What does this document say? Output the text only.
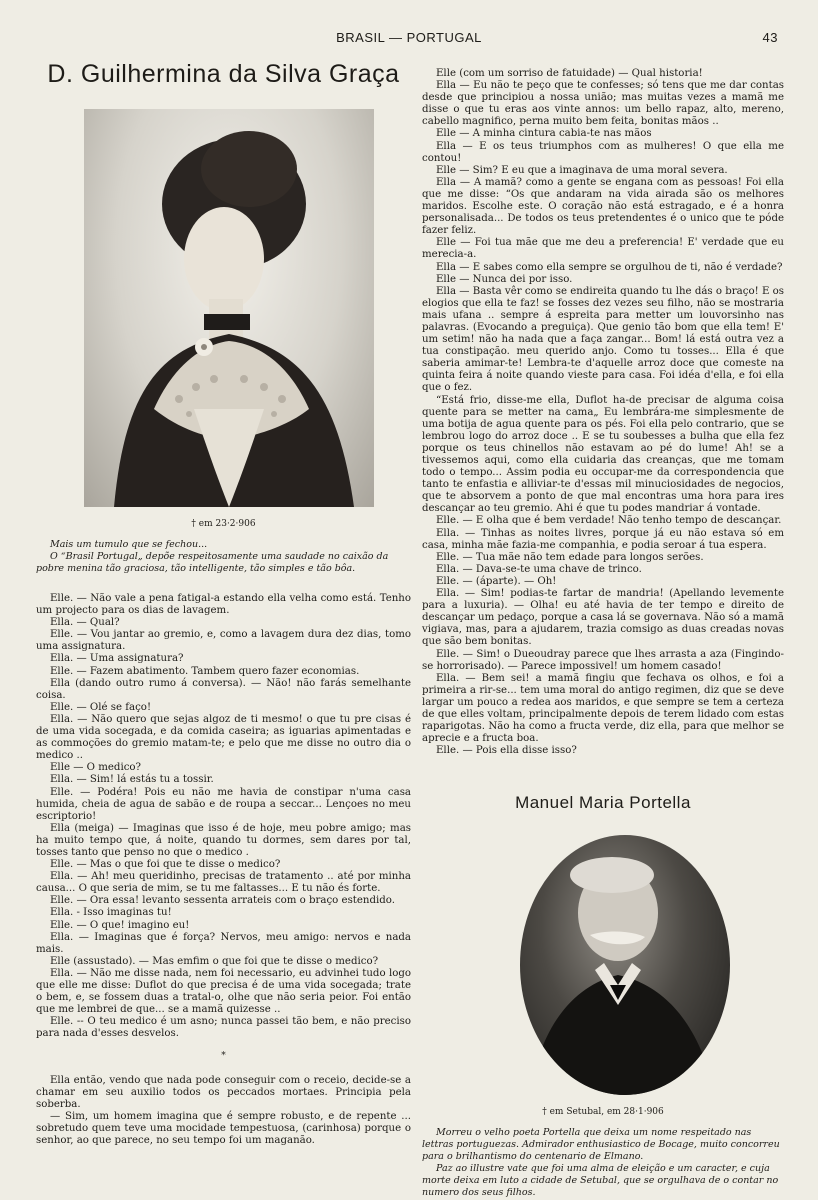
BRASIL — PORTUGAL	43
D. Guilhermina da Silva Graça
† em 23·2·906

Mais um tumulo que se fechou...

O “Brasil Portugal„ depõe respeitosamente uma saudade no caixão da pobre menina tão graciosa, tão intelligente, tão simples e tão bôa.

Elle. — Não vale a pena fatigal-a estando ella velha como está. Tenho um projecto para os dias de lavagem.

Ella. — Qual?

Elle. — Vou jantar ao gremio, e, como a lavagem dura dez dias, tomo uma assignatura.

Ella. — Uma assignatura?

Elle. — Fazem abatimento. Tambem quero fazer economias.

Ella (dando outro rumo á conversa). — Não! não farás semelhante coisa.

Elle. — Olé se faço!

Ella. — Não quero que sejas algoz de ti mesmo! o que tu pre cisas é de uma vida socegada, e da comida caseira; as iguarias apimentadas e as commoções do gremio matam-te; e pelo que me disse no outro dia o medico ..

Elle — O medico?

Ella. — Sim! lá estás tu a tossir.

Elle. — Podéra! Pois eu não me havia de constipar n'uma casa humida, cheia de agua de sabão e de roupa a seccar... Lençoes no meu escriptorio!

Ella (meiga) — Imaginas que isso é de hoje, meu pobre amigo; mas ha muito tempo que, á noite, quando tu dormes, sem dares por tal, tosses tanto que penso no que o medico .

Elle. — Mas o que foi que te disse o medico?

Ella. — Ah! meu queridinho, precisas de tratamento .. até por minha causa... O que seria de mim, se tu me faltasses... E tu não és forte.

Elle. — Ora essa! levanto sessenta arrateis com o braço estendido.

Ella. - Isso imaginas tu!

Elle. — O que! imagino eu!

Ella. — Imaginas que é força? Nervos, meu amigo: nervos e nada mais.

Elle (assustado). — Mas emfim o que foi que te disse o medico?

Ella. — Não me disse nada, nem foi necessario, eu advinhei tudo logo que elle me disse: Duflot do que precisa é de uma vida socegada; trate o bem, e, se fossem duas a tratal-o, olhe que não seria peior. Foi então que me lembrei de que... se a mamã quizesse ..

Elle. -- O teu medico é um asno; nunca passei tão bem, e não preciso para nada d'esses desvelos.

*

Ella então, vendo que nada pode conseguir com o receio, decide-se a chamar em seu auxilio todos os peccados mortaes. Principia pela soberba.

— Sim, um homem imagina que é sempre robusto, e de repente ... sobretudo quem teve uma mocidade tempestuosa, (carinhosa) porque o senhor, ao que parece, no seu tempo foi um maganão.

Elle (com um sorriso de fatuidade) — Qual historia!

Ella — Eu não te peço que te confesses; só tens que me dar contas desde que principiou a nossa união; mas muitas vezes a mamã me disse o que tu eras aos vinte annos: um bello rapaz, alto, mereno, cabello magnifico, perna muito bem feita, bonitas mãos ..

Elle — A minha cintura cabia-te nas mãos

Ella — E os teus triumphos com as mulheres! O que ella me contou!

Elle — Sim? E eu que a imaginava de uma moral severa.

Ella — A mamã? como a gente se engana com as pessoas! Foi ella que me disse: “Os que andaram na vida airada são os melhores maridos. Escolhe este. O coração não está estragado, e é a honra personalisada... De todos os teus pretendentes é o unico que te póde fazer feliz.

Elle — Foi tua mãe que me deu a preferencia! E' verdade que eu merecia-a.

Ella — E sabes como ella sempre se orgulhou de ti, não é verdade?

Elle — Nunca dei por isso.

Ella — Basta vêr como se endireita quando tu lhe dás o braço! E os elogios que ella te faz! se fosses dez vezes seu filho, não se mostraria mais ufana .. sempre á espreita para metter um louvorsinho nas palavras. (Evocando a preguiça). Que genio tão bom que ella tem! E' um setim! não ha nada que a faça zangar... Bom! lá está outra vez a tua constipação. meu querido anjo. Como tu tosses... Ella é que saberia amimar-te! Lembra-te d'aquelle arroz doce que comeste na quinta feira á noite quando vieste para casa. Foi idéa d'ella, e foi ella que o fez.

“Está frio, disse-me ella, Duflot ha-de precisar de alguma coisa quente para se metter na cama„ Eu lembrára-me simplesmente de uma botija de agua quente para os pés. Foi ella pelo contrario, que se lembrou logo do arroz doce .. E se tu soubesses a bulha que ella fez porque os teus chinellos não estavam ao pé do lume! Ah! se a tivessemos aqui, como ella cuidaria das creanças, que me tomam todo o tempo... Assim podia eu occupar-me da correspondencia que tanto te enfastia e alliviar-te d'essas mil minuciosidades de negocios, que te absorvem a ponto de que mal encontras uma hora para ires descançar ao teu gremio. Ahi é que tu podes mandriar á vontade.

Elle. — E olha que é bem verdade! Não tenho tempo de descançar.

Ella. — Tinhas as noites livres, porque já eu não estava só em casa, minha mãe fazia-me companhia, e podia seroar á tua espera.

Elle. — Tua mãe não tem edade para longos serões.

Ella. — Dava-se-te uma chave de trinco.

Elle. — (áparte). — Oh!

Ella. — Sim! podias-te fartar de mandria! (Apellando levemente para a luxuria). — Olha! eu até havia de ter tempo e direito de descançar um pedaço, porque a casa lá se governava. Não só a mamã vigiava, mas, para a ajudarem, trazia comsigo as duas creadas novas que são bem bonitas.

Elle. — Sim! o Dueoudray parece que lhes arrasta a aza (Fingindo-se horrorisado). — Parece impossivel! um homem casado!

Ella. — Bem sei! a mamã fingiu que fechava os olhos, e foi a primeira a rir-se... tem uma moral do antigo regimen, diz que se deve largar um pouco a redea aos maridos, e que sempre se tem a certeza de que elles voltam, principalmente depois de terem lidado com estas raparigotas. Não ha como a fructa verde, diz ella, para que melhor se aprecie e a fructa boa.

Elle. — Pois ella disse isso?

Manuel Maria Portella
† em Setubal, em 28·1·906

Morreu o velho poeta Portella que deixa um nome respeitado nas lettras portuguezas. Admirador enthusiastico de Bocage, muito concorreu para o brilhantismo do centenario de Elmano.

Paz ao illustre vate que foi uma alma de eleição e um caracter, e cuja morte deixa em luto a cidade de Setubal, que se orgulhava de o contar no numero dos seus filhos.
